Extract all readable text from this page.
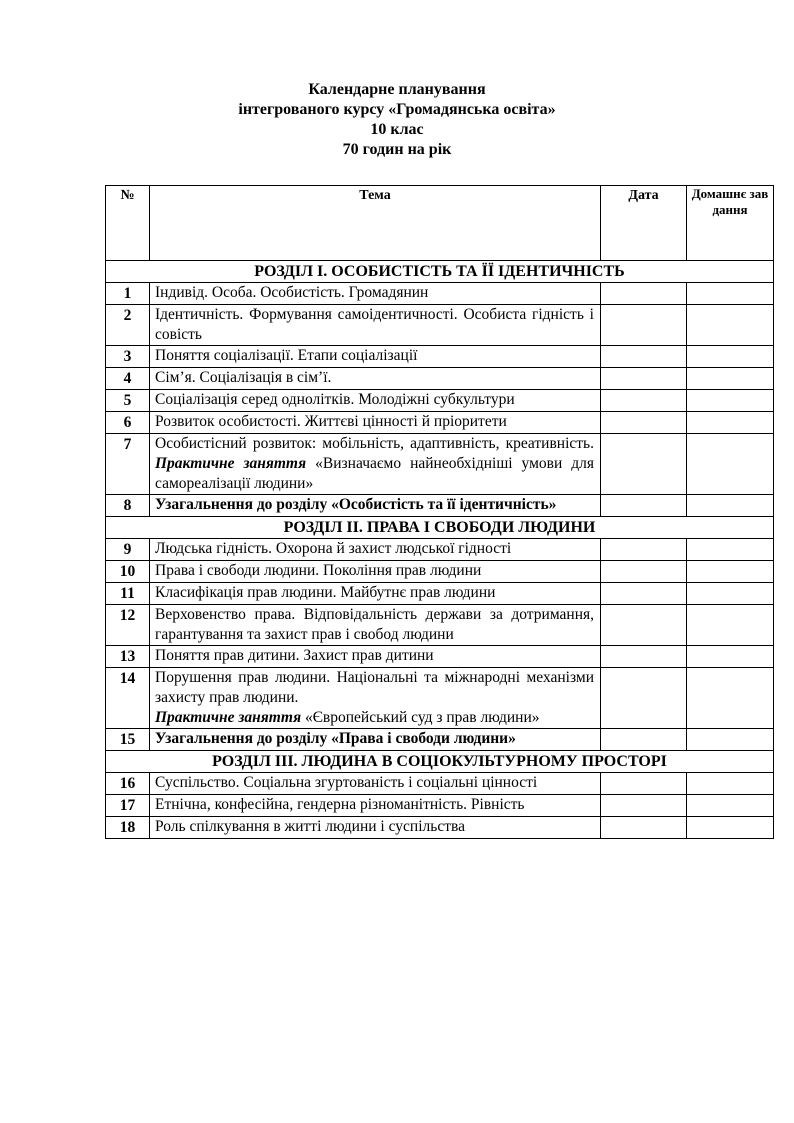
Календарне планування
інтегрованого курсу «Громадянська освіта»
10 клас
70 годин на рік
№	Тема	Дата	Домашнє завдання
РОЗДІЛ І. ОСОБИСТІСТЬ ТА ЇЇ ІДЕНТИЧНІСТЬ			
1	Індивід. Особа. Особистість. Громадянин		
2	Ідентичність. Формування самоідентичності. Особиста гідність і совість		
3	Поняття соціалізації. Етапи соціалізації		
4	Сім’я. Соціалізація в сім’ї.		
5	Соціалізація серед однолітків. Молодіжні субкультури		
6	Розвиток особистості. Життєві цінності й пріоритети		
7	Особистісний розвиток: мобільність, адаптивність, креативність. Практичне заняття «Визначаємо найнеобхідніші умови для самореалізації людини»		
8	Узагальнення до розділу «Особистість та її ідентичність»		
РОЗДІЛ ІІ. ПРАВА І СВОБОДИ ЛЮДИНИ			
9	Людська гідність. Охорона й захист людської гідності		
10	Права і свободи людини. Покоління прав людини		
11	Класифікація прав людини. Майбутнє прав людини		
12	Верховенство права. Відповідальність держави за дотримання, гарантування та захист прав і свобод людини		
13	Поняття прав дитини. Захист прав дитини		
14	Порушення прав людини. Національні та міжнародні механізми захисту прав людини.
Практичне заняття «Європейський суд з прав людини»		
15	Узагальнення до розділу «Права і свободи людини»		
РОЗДІЛ ІІІ. ЛЮДИНА В СОЦІОКУЛЬТУРНОМУ ПРОСТОРІ			
16	Суспільство. Соціальна згуртованість і соціальні цінності		
17	Етнічна, конфесійна, гендерна різноманітність. Рівність		
18	Роль спілкування в житті людини і суспільства		
